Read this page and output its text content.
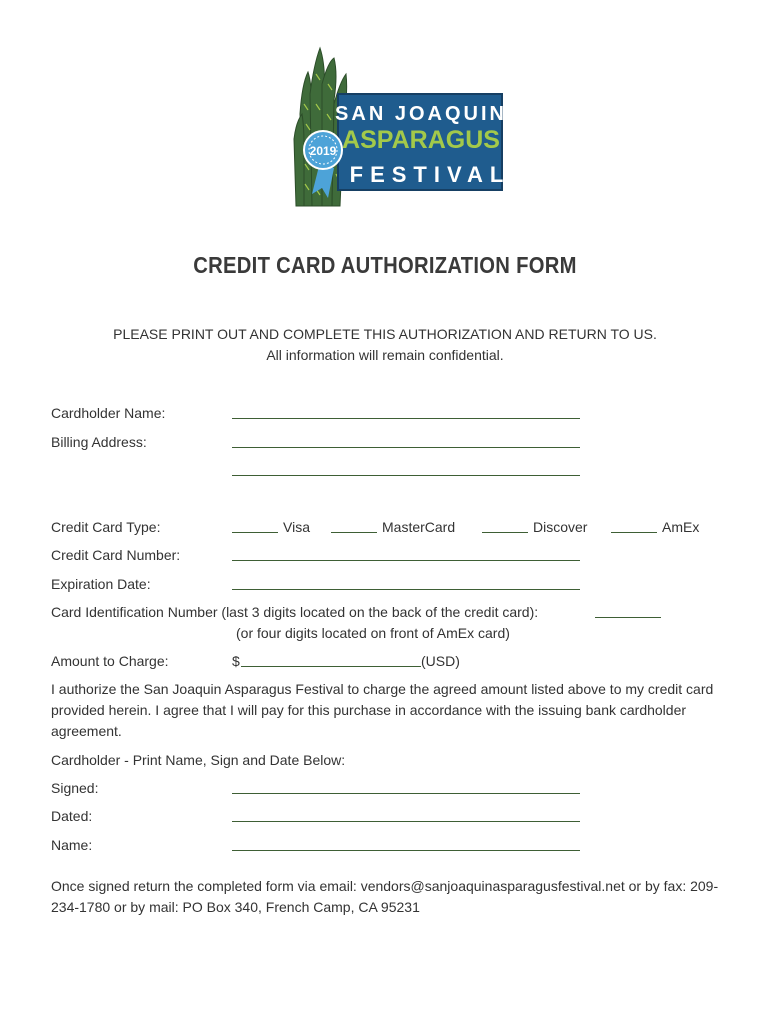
SAN JOAQUIN
ASPARAGUS
FESTIVAL
2019
CREDIT CARD AUTHORIZATION FORM
PLEASE PRINT OUT AND COMPLETE THIS AUTHORIZATION AND RETURN TO US.
All information will remain confidential.
Cardholder Name:
Billing Address:
Credit Card Type:	Visa	MasterCard	Discover	AmEx
Credit Card Number:
Expiration Date:
Card Identification Number (last 3 digits located on the back of the credit card):
(or four digits located on front of AmEx card)
Amount to Charge:	$	(USD)
I authorize the San Joaquin Asparagus Festival to charge the agreed amount listed above to my credit card provided herein. I agree that I will pay for this purchase in accordance with the issuing bank cardholder agreement.
Cardholder - Print Name, Sign and Date Below:
Signed:
Dated:
Name:
Once signed return the completed form via email: vendors@sanjoaquinasparagusfestival.net or by fax: 209-234-1780 or by mail: PO Box 340, French Camp, CA 95231
